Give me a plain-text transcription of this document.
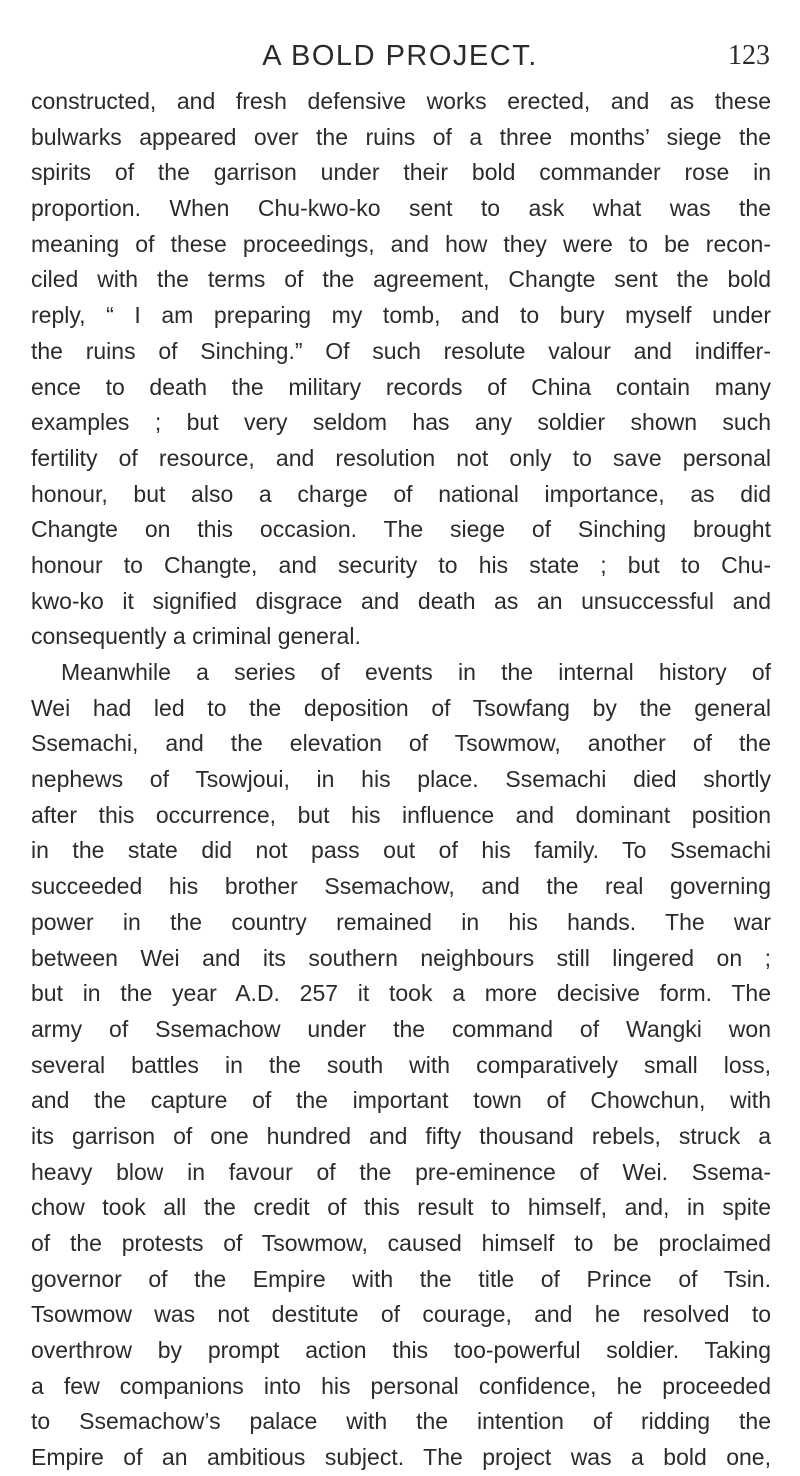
A BOLD PROJECT.	123
constructed, and fresh defensive works erected, and as these
bulwarks appeared over the ruins of a three months’ siege the
spirits of the garrison under their bold commander rose in
proportion. When Chu-kwo-ko sent to ask what was the
meaning of these proceedings, and how they were to be recon-
ciled with the terms of the agreement, Changte sent the bold
reply, “ I am preparing my tomb, and to bury myself under
the ruins of Sinching.” Of such resolute valour and indiffer-
ence to death the military records of China contain many
examples ; but very seldom has any soldier shown such
fertility of resource, and resolution not only to save personal
honour, but also a charge of national importance, as did
Changte on this occasion. The siege of Sinching brought
honour to Changte, and security to his state ; but to Chu-
kwo-ko it signified disgrace and death as an unsuccessful and
consequently a criminal general.
Meanwhile a series of events in the internal history of
Wei had led to the deposition of Tsowfang by the general
Ssemachi, and the elevation of Tsowmow, another of the
nephews of Tsowjoui, in his place. Ssemachi died shortly
after this occurrence, but his influence and dominant position
in the state did not pass out of his family. To Ssemachi
succeeded his brother Ssemachow, and the real governing
power in the country remained in his hands. The war
between Wei and its southern neighbours still lingered on ;
but in the year A.D. 257 it took a more decisive form. The
army of Ssemachow under the command of Wangki won
several battles in the south with comparatively small loss,
and the capture of the important town of Chowchun, with
its garrison of one hundred and fifty thousand rebels, struck a
heavy blow in favour of the pre-eminence of Wei. Ssema-
chow took all the credit of this result to himself, and, in spite
of the protests of Tsowmow, caused himself to be proclaimed
governor of the Empire with the title of Prince of Tsin.
Tsowmow was not destitute of courage, and he resolved to
overthrow by prompt action this too-powerful soldier. Taking
a few companions into his personal confidence, he proceeded
to Ssemachow’s palace with the intention of ridding the
Empire of an ambitious subject. The project was a bold one,
